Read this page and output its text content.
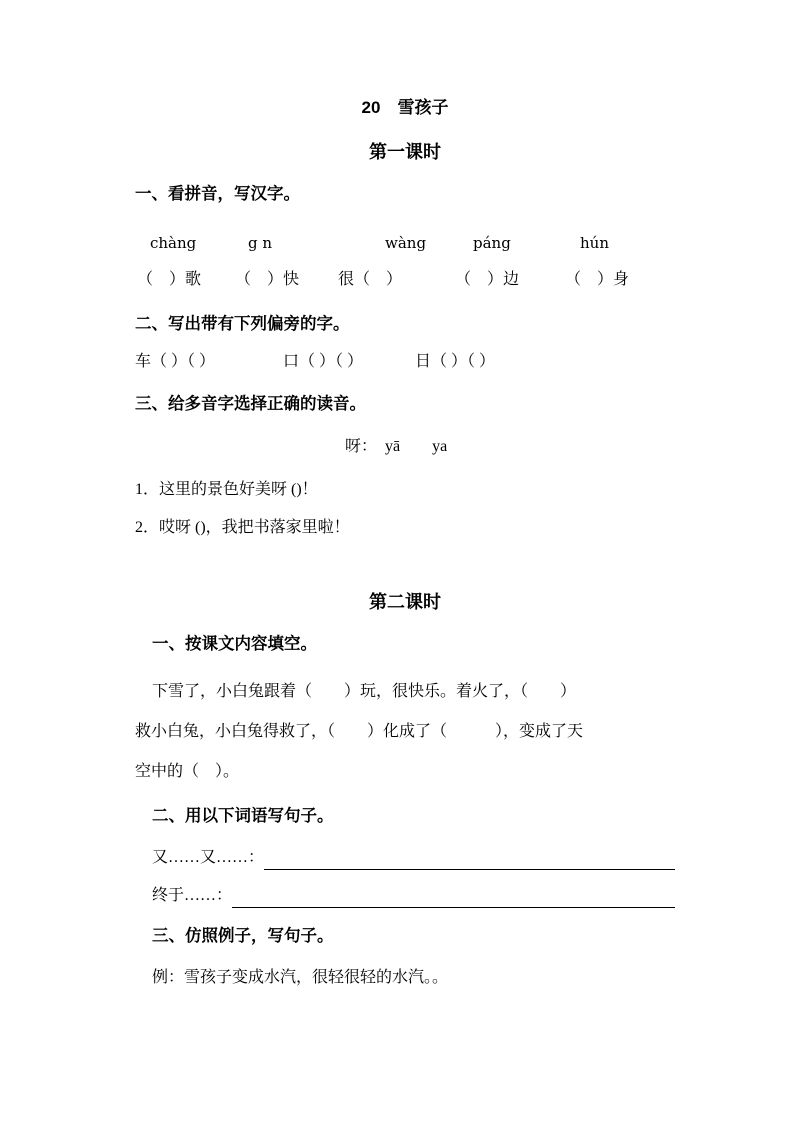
20　雪孩子
第一课时
一、看拼音，写汉字。
chàng	g n	wàng	páng	hún
（　）歌 （　）快 很（　）	（　）边	（　）身
二、写出带有下列偏旁的字。
车（ ）（ ）	口（ ）（ ）	日（ ）（ ）
三、给多音字选择正确的读音。
呀：　yā　　ya
1．这里的景色好美呀 ()！
2．哎呀 ()，我把书落家里啦！
第二课时
一、按课文内容填空。
下雪了，小白兔跟着（　　）玩，很快乐。着火了，（　　）
救小白兔，小白兔得救了，（　　）化成了（　　　），变成了天
空中的（　）。
二、用以下词语写句子。
又……又……：
终于……：
三、仿照例子，写句子。
例：雪孩子变成水汽，很轻很轻的水汽。。
